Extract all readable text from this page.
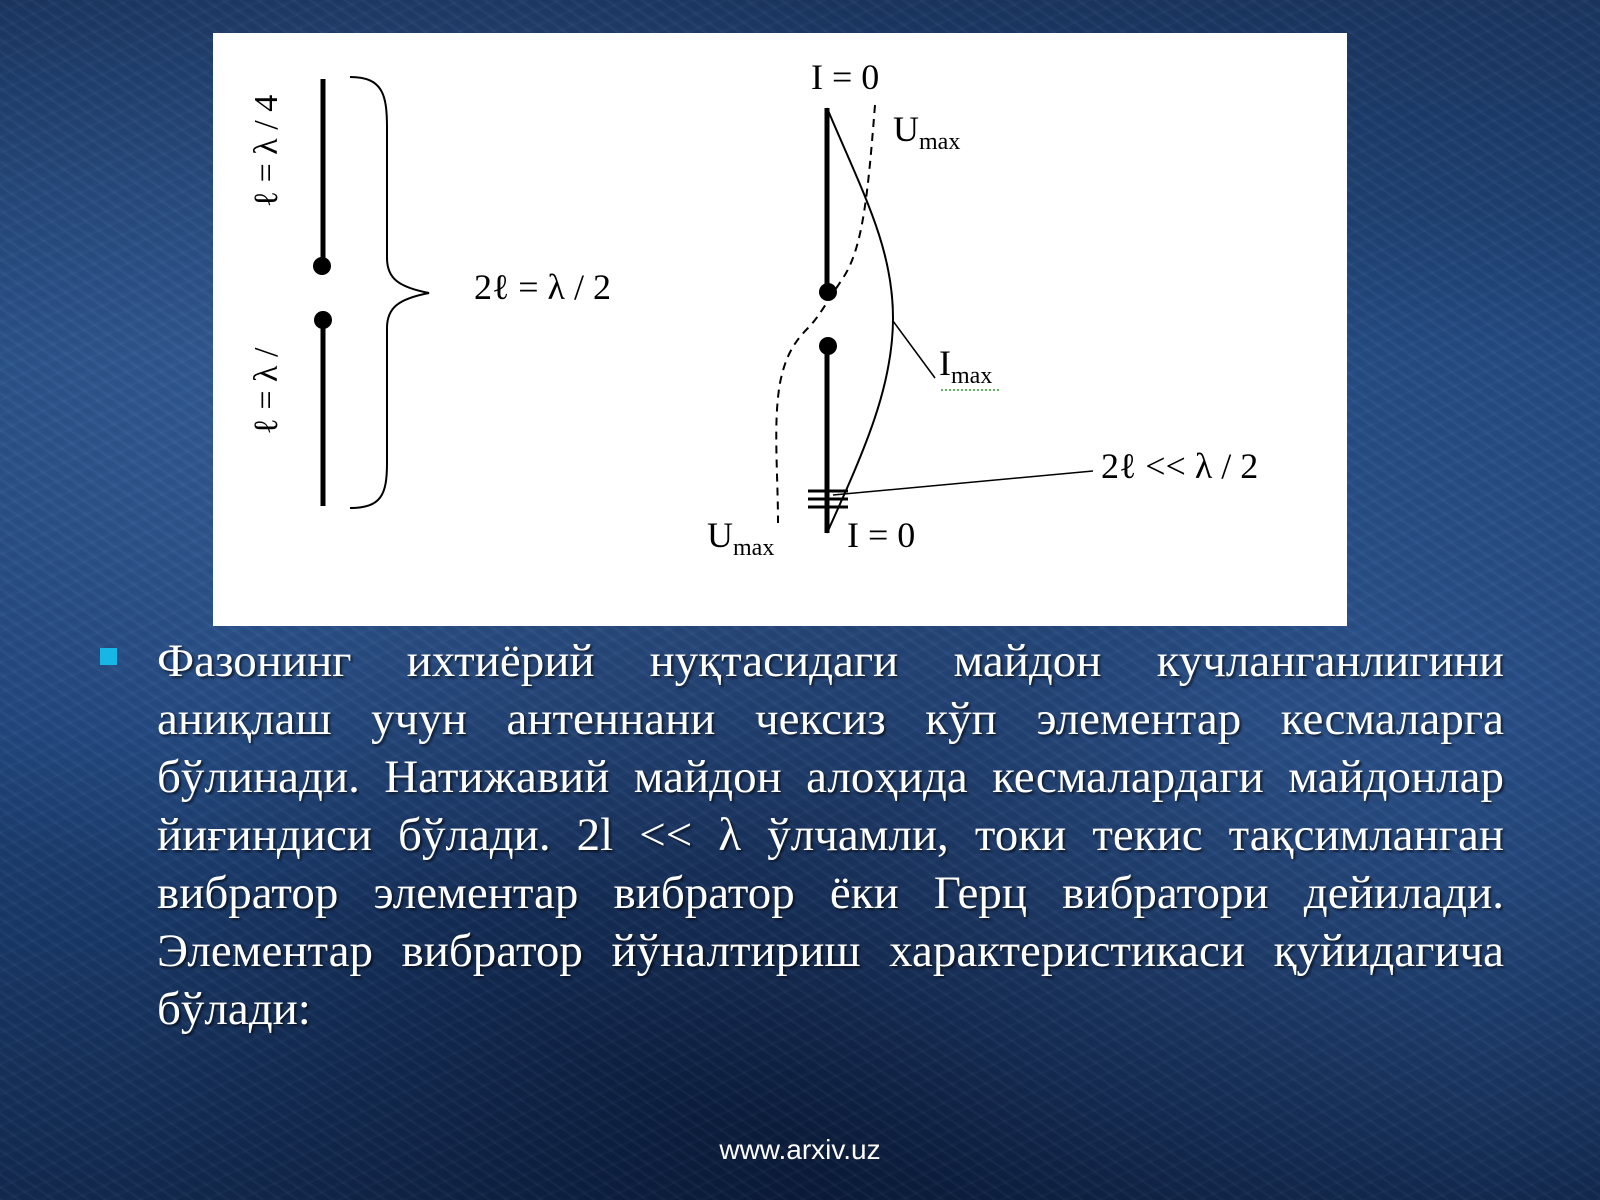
ℓ = λ / 4
ℓ = λ /
2ℓ = λ / 2
I = 0
$U_{max}$
$I_{max}$
2ℓ << λ / 2
$U_{max}$ I = 0
Фазонинг ихтиёрий нуқтасидаги майдон кучланганлигини аниқлаш учун антеннани чексиз кўп элементар кесмаларга бўлинади. Натижавий майдон алоҳида кесмалардаги майдонлар йиғиндиси бўлади. 2l << λ ўлчамли, токи текис тақсимланган вибратор элементар вибратор ёки Герц вибратори дейилади. Элементар вибратор йўналтириш характеристикаси қуйидагича бўлади:
www.arxiv.uz
